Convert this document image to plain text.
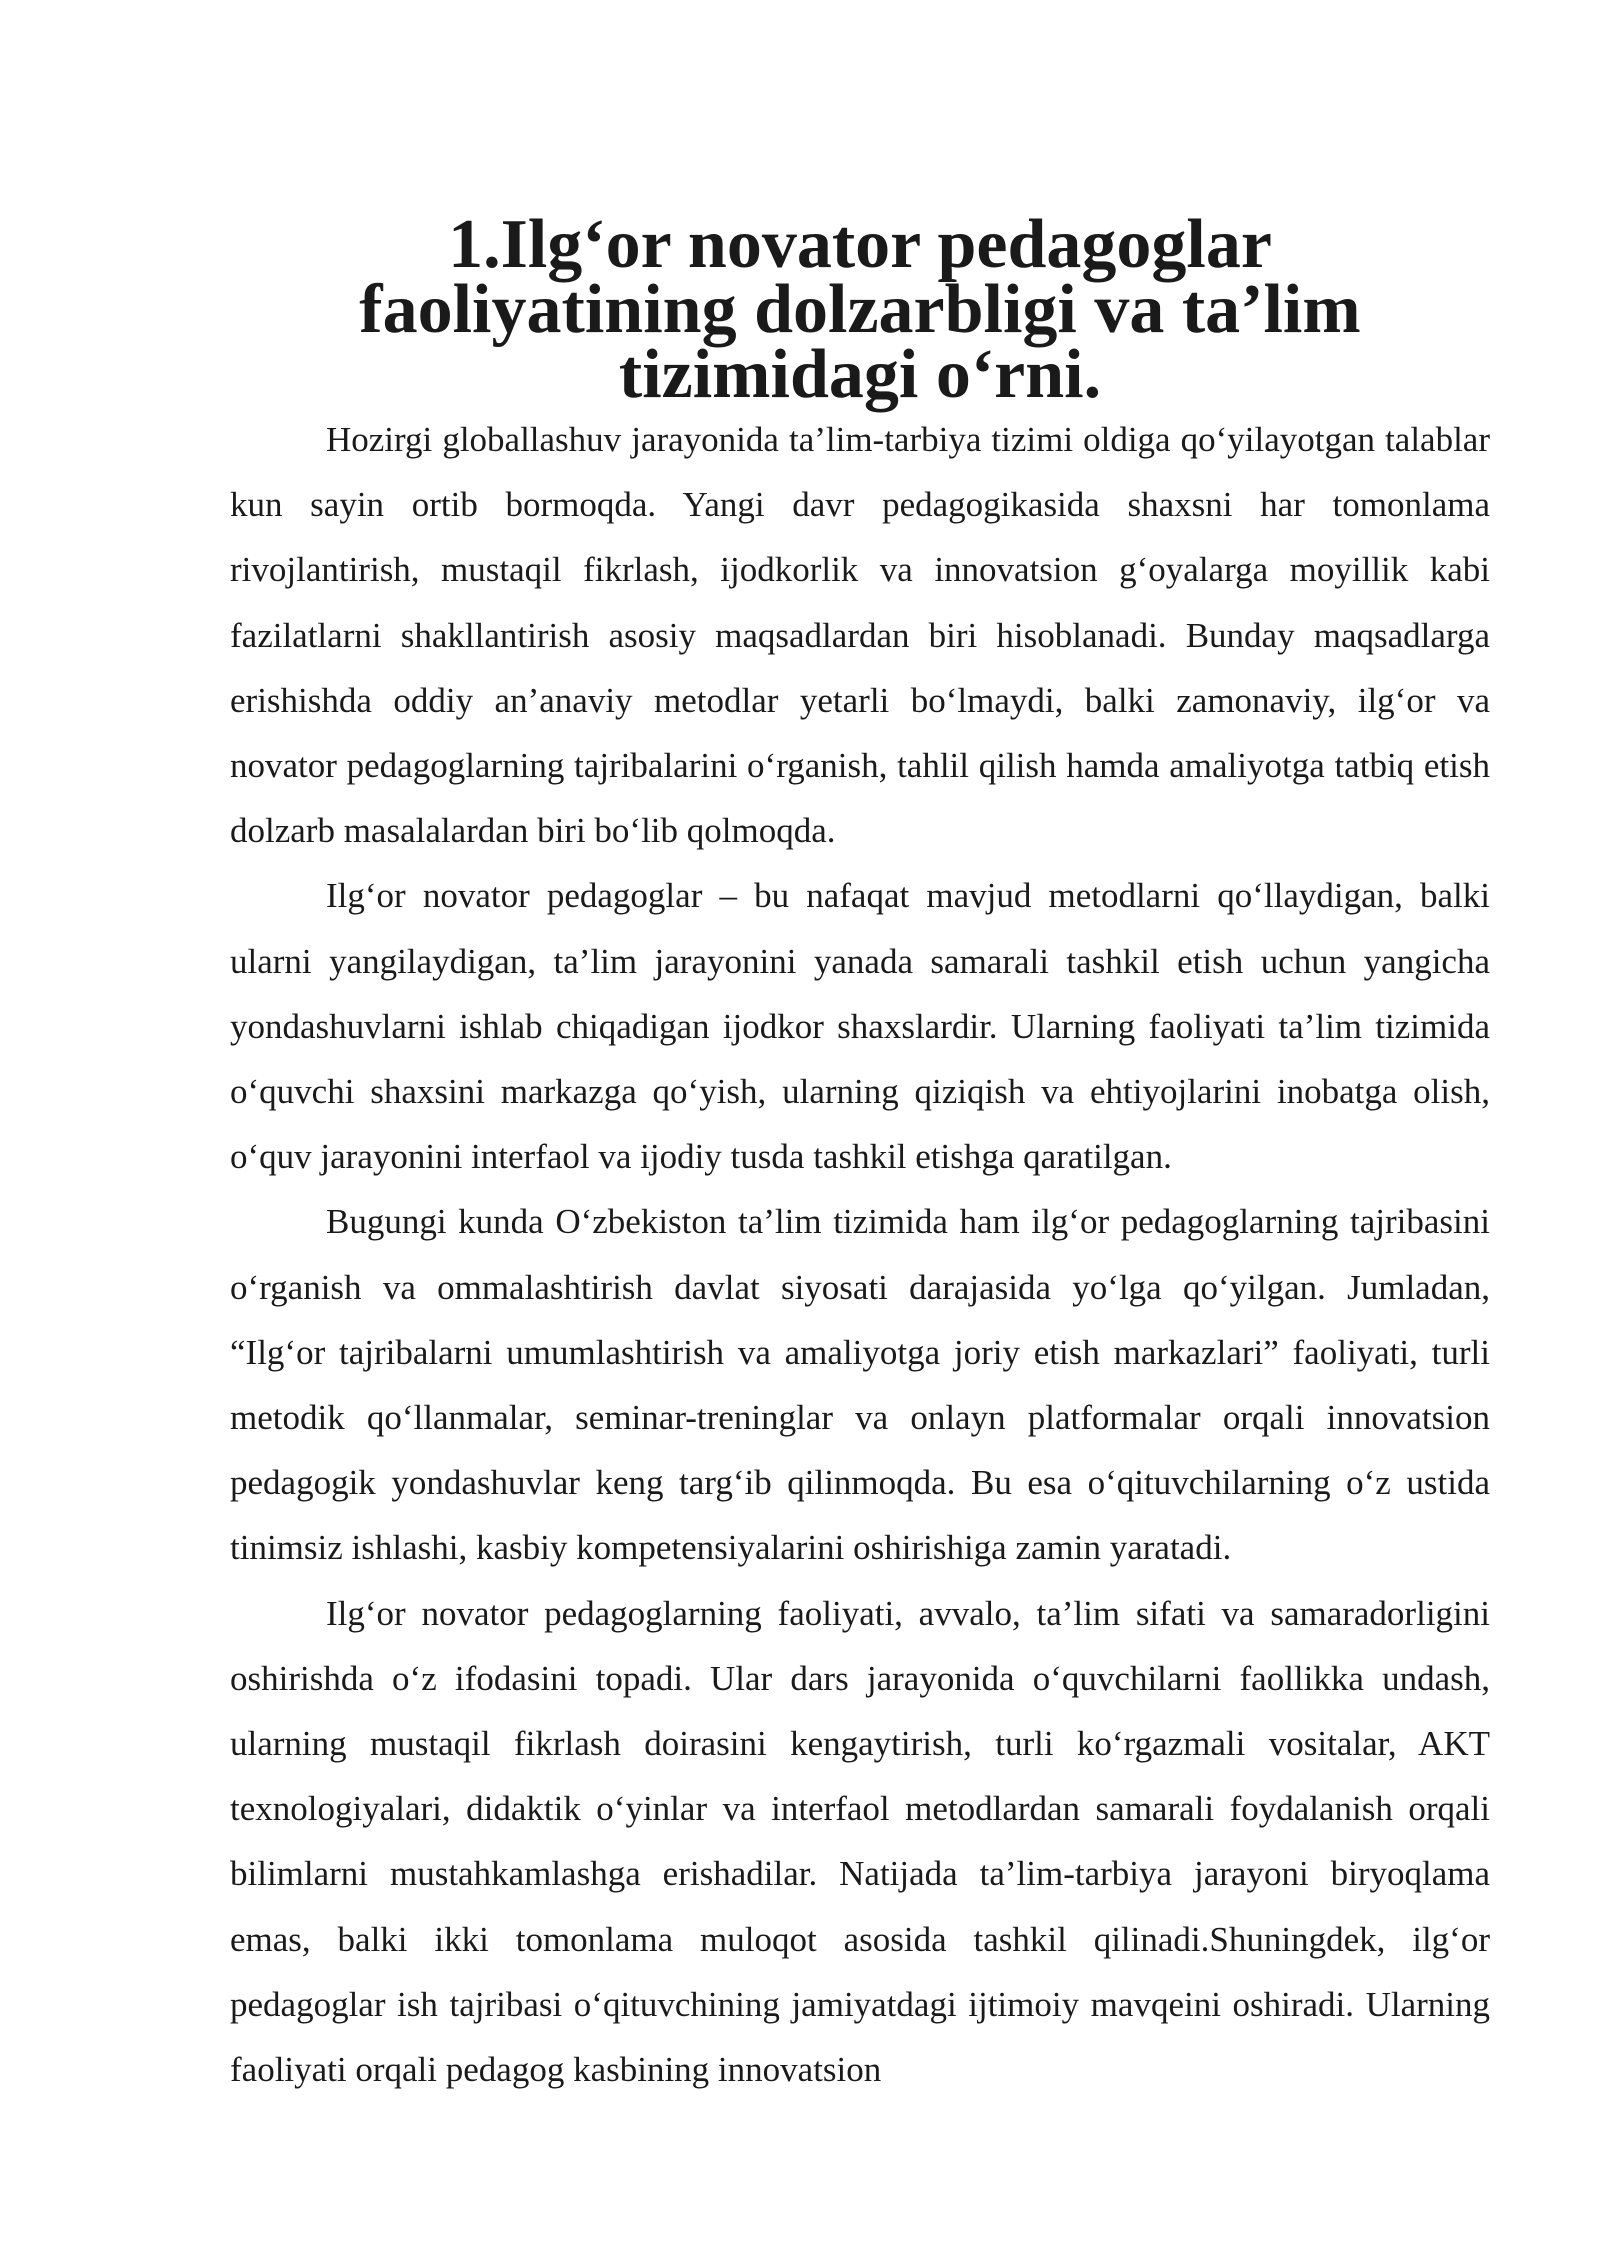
1.Ilg‘or novator pedagoglar faoliyatining dolzarbligi va ta’lim tizimidagi o‘rni.

Hozirgi globallashuv jarayonida ta’lim-tarbiya tizimi oldiga qo‘yilayotgan talablar kun sayin ortib bormoqda. Yangi davr pedagogikasida shaxsni har tomonlama rivojlantirish, mustaqil fikrlash, ijodkorlik va innovatsion g‘oyalarga moyillik kabi fazilatlarni shakllantirish asosiy maqsadlardan biri hisoblanadi. Bunday maqsadlarga erishishda oddiy an’anaviy metodlar yetarli bo‘lmaydi, balki zamonaviy, ilg‘or va novator pedagoglarning tajribalarini o‘rganish, tahlil qilish hamda amaliyotga tatbiq etish dolzarb masalalardan biri bo‘lib qolmoqda.

Ilg‘or novator pedagoglar – bu nafaqat mavjud metodlarni qo‘llaydigan, balki ularni yangilaydigan, ta’lim jarayonini yanada samarali tashkil etish uchun yangicha yondashuvlarni ishlab chiqadigan ijodkor shaxslardir. Ularning faoliyati ta’lim tizimida o‘quvchi shaxsini markazga qo‘yish, ularning qiziqish va ehtiyojlarini inobatga olish, o‘quv jarayonini interfaol va ijodiy tusda tashkil etishga qaratilgan.

Bugungi kunda O‘zbekiston ta’lim tizimida ham ilg‘or pedagoglarning tajribasini o‘rganish va ommalashtirish davlat siyosati darajasida yo‘lga qo‘yilgan. Jumladan, “Ilg‘or tajribalarni umumlashtirish va amaliyotga joriy etish markazlari” faoliyati, turli metodik qo‘llanmalar, seminar-treninglar va onlayn platformalar orqali innovatsion pedagogik yondashuvlar keng targ‘ib qilinmoqda. Bu esa o‘qituvchilarning o‘z ustida tinimsiz ishlashi, kasbiy kompetensiyalarini oshirishiga zamin yaratadi.

Ilg‘or novator pedagoglarning faoliyati, avvalo, ta’lim sifati va samaradorligini oshirishda o‘z ifodasini topadi. Ular dars jarayonida o‘quvchilarni faollikka undash, ularning mustaqil fikrlash doirasini kengaytirish, turli ko‘rgazmali vositalar, AKT texnologiyalari, didaktik o‘yinlar va interfaol metodlardan samarali foydalanish orqali bilimlarni mustahkamlashga erishadilar. Natijada ta’lim-tarbiya jarayoni biryoqlama emas, balki ikki tomonlama muloqot asosida tashkil qilinadi.Shuningdek, ilg‘or pedagoglar ish tajribasi o‘qituvchining jamiyatdagi ijtimoiy mavqeini oshiradi. Ularning faoliyati orqali pedagog kasbining innovatsion
